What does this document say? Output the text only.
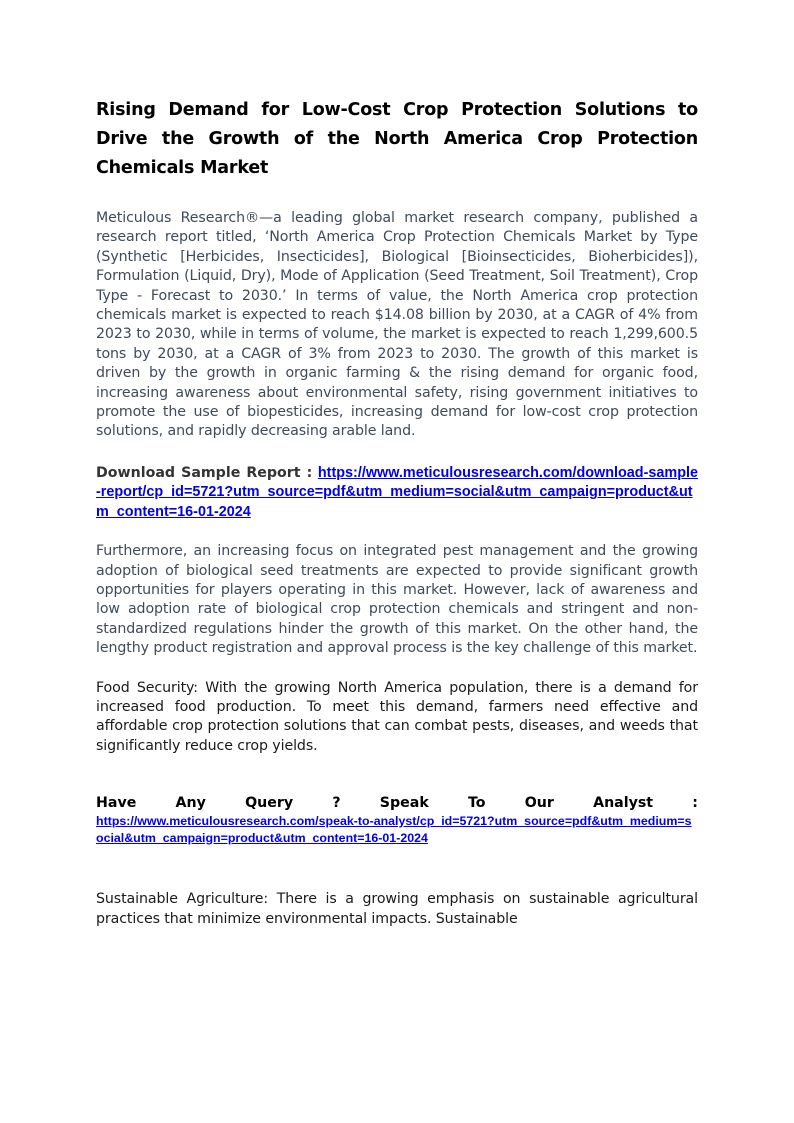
Rising Demand for Low-Cost Crop Protection Solutions to Drive the Growth of the North America Crop Protection Chemicals Market

Meticulous Research®—a leading global market research company, published a research report titled, ‘North America Crop Protection Chemicals Market by Type (Synthetic [Herbicides, Insecticides], Biological [Bioinsecticides, Bioherbicides]), Formulation (Liquid, Dry), Mode of Application (Seed Treatment, Soil Treatment), Crop Type - Forecast to 2030.’ In terms of value, the North America crop protection chemicals market is expected to reach $14.08 billion by 2030, at a CAGR of 4% from 2023 to 2030, while in terms of volume, the market is expected to reach 1,299,600.5 tons by 2030, at a CAGR of 3% from 2023 to 2030. The growth of this market is driven by the growth in organic farming & the rising demand for organic food, increasing awareness about environmental safety, rising government initiatives to promote the use of biopesticides, increasing demand for low-cost crop protection solutions, and rapidly decreasing arable land.

Download Sample Report : https://www.meticulousresearch.com/download-sample-report/cp_id=5721?utm_source=pdf&utm_medium=social&utm_campaign=product&utm_content=16-01-2024

Furthermore, an increasing focus on integrated pest management and the growing adoption of biological seed treatments are expected to provide significant growth opportunities for players operating in this market. However, lack of awareness and low adoption rate of biological crop protection chemicals and stringent and non-standardized regulations hinder the growth of this market. On the other hand, the lengthy product registration and approval process is the key challenge of this market.

Food Security: With the growing North America population, there is a demand for increased food production. To meet this demand, farmers need effective and affordable crop protection solutions that can combat pests, diseases, and weeds that significantly reduce crop yields.

Have	Any	Query	?	Speak	To	Our	Analyst	:
https://www.meticulousresearch.com/speak-to-analyst/cp_id=5721?utm_source=pdf&utm_medium=social&utm_campaign=product&utm_content=16-01-2024

Sustainable Agriculture: There is a growing emphasis on sustainable agricultural practices that minimize environmental impacts. Sustainable
